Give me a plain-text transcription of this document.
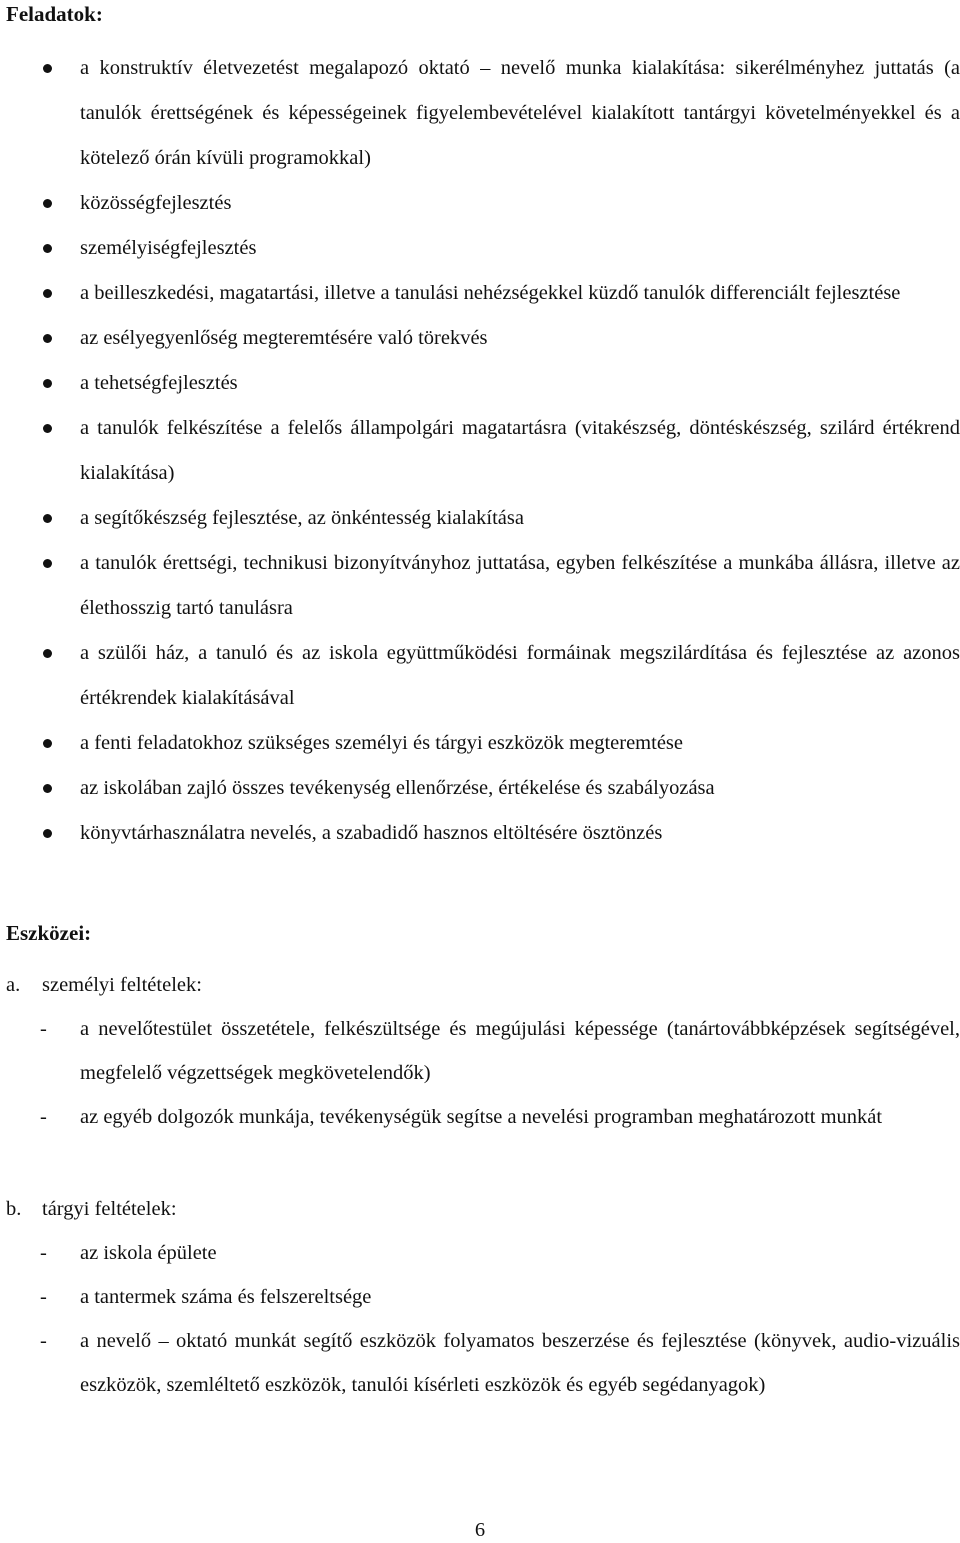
Feladatok:
a konstruktív életvezetést megalapozó oktató – nevelő munka kialakítása: sikerélményhez juttatás (a tanulók érettségének és képességeinek figyelembevételével kialakított tantárgyi követelményekkel és a kötelező órán kívüli programokkal)
közösségfejlesztés
személyiségfejlesztés
a beilleszkedési, magatartási, illetve a tanulási nehézségekkel küzdő tanulók differenciált fejlesztése
az esélyegyenlőség megteremtésére való törekvés
a tehetségfejlesztés
a tanulók felkészítése a felelős állampolgári magatartásra (vitakészség, döntéskészség, szilárd értékrend kialakítása)
a segítőkészség fejlesztése, az önkéntesség kialakítása
a tanulók érettségi, technikusi bizonyítványhoz juttatása, egyben felkészítése a munkába állásra, illetve az élethosszig tartó tanulásra
a szülői ház, a tanuló és az iskola együttműködési formáinak megszilárdítása és fejlesztése az azonos értékrendek kialakításával
a fenti feladatokhoz szükséges személyi és tárgyi eszközök megteremtése
az iskolában zajló összes tevékenység ellenőrzése, értékelése és szabályozása
könyvtárhasználatra nevelés, a szabadidő hasznos eltöltésére ösztönzés
Eszközei:
a. személyi feltételek:
- a nevelőtestület összetétele, felkészültsége és megújulási képessége (tanártovábbképzések segítségével, megfelelő végzettségek megkövetelendők)
- az egyéb dolgozók munkája, tevékenységük segítse a nevelési programban meghatározott munkát
b. tárgyi feltételek:
- az iskola épülete
- a tantermek száma és felszereltsége
- a nevelő – oktató munkát segítő eszközök folyamatos beszerzése és fejlesztése (könyvek, audio-vizuális eszközök, szemléltető eszközök, tanulói kísérleti eszközök és egyéb segédanyagok)
6
